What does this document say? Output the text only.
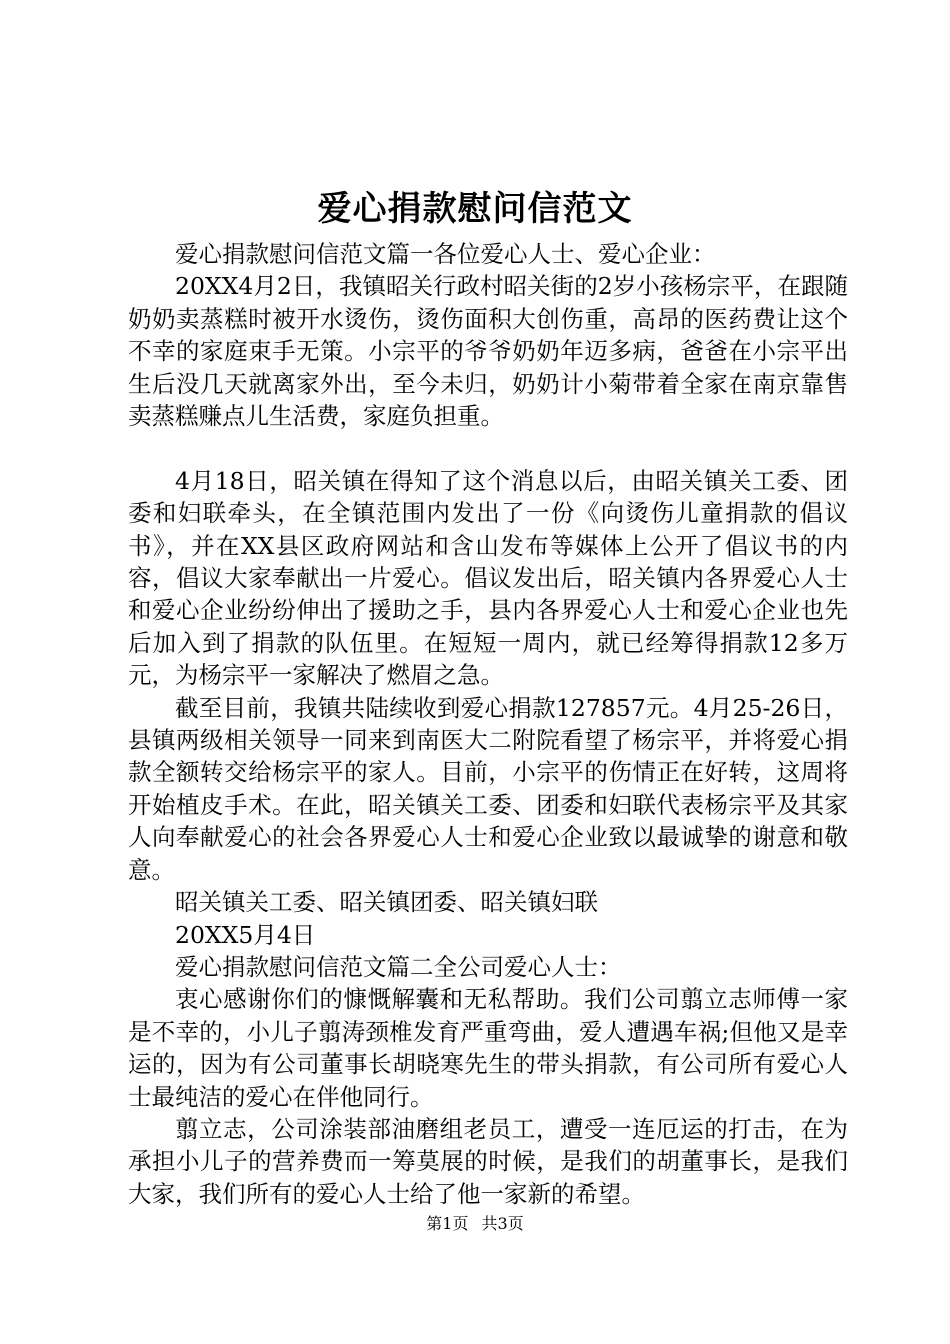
爱心捐款慰问信范文

爱心捐款慰问信范文篇一各位爱心人士、爱心企业：

20XX4月2日，我镇昭关行政村昭关街的2岁小孩杨宗平，在跟随奶奶卖蒸糕时被开水烫伤，烫伤面积大创伤重，高昂的医药费让这个不幸的家庭束手无策。小宗平的爷爷奶奶年迈多病，爸爸在小宗平出生后没几天就离家外出，至今未归，奶奶计小菊带着全家在南京靠售卖蒸糕赚点儿生活费，家庭负担重。

4月18日，昭关镇在得知了这个消息以后，由昭关镇关工委、团委和妇联牵头，在全镇范围内发出了一份《向烫伤儿童捐款的倡议书》，并在XX县区政府网站和含山发布等媒体上公开了倡议书的内容，倡议大家奉献出一片爱心。倡议发出后，昭关镇内各界爱心人士和爱心企业纷纷伸出了援助之手，县内各界爱心人士和爱心企业也先后加入到了捐款的队伍里。在短短一周内，就已经筹得捐款12多万元，为杨宗平一家解决了燃眉之急。

截至目前，我镇共陆续收到爱心捐款127857元。4月25-26日，县镇两级相关领导一同来到南医大二附院看望了杨宗平，并将爱心捐款全额转交给杨宗平的家人。目前，小宗平的伤情正在好转，这周将开始植皮手术。在此，昭关镇关工委、团委和妇联代表杨宗平及其家人向奉献爱心的社会各界爱心人士和爱心企业致以最诚挚的谢意和敬意。

昭关镇关工委、昭关镇团委、昭关镇妇联

20XX5月4日

爱心捐款慰问信范文篇二全公司爱心人士：

衷心感谢你们的慷慨解囊和无私帮助。我们公司翦立志师傅一家是不幸的，小儿子翦涛颈椎发育严重弯曲，爱人遭遇车祸;但他又是幸运的，因为有公司董事长胡晓寒先生的带头捐款，有公司所有爱心人士最纯洁的爱心在伴他同行。

翦立志，公司涂装部油磨组老员工，遭受一连厄运的打击，在为承担小儿子的营养费而一筹莫展的时候，是我们的胡董事长，是我们大家，我们所有的爱心人士给了他一家新的希望。

第1页 共3页
